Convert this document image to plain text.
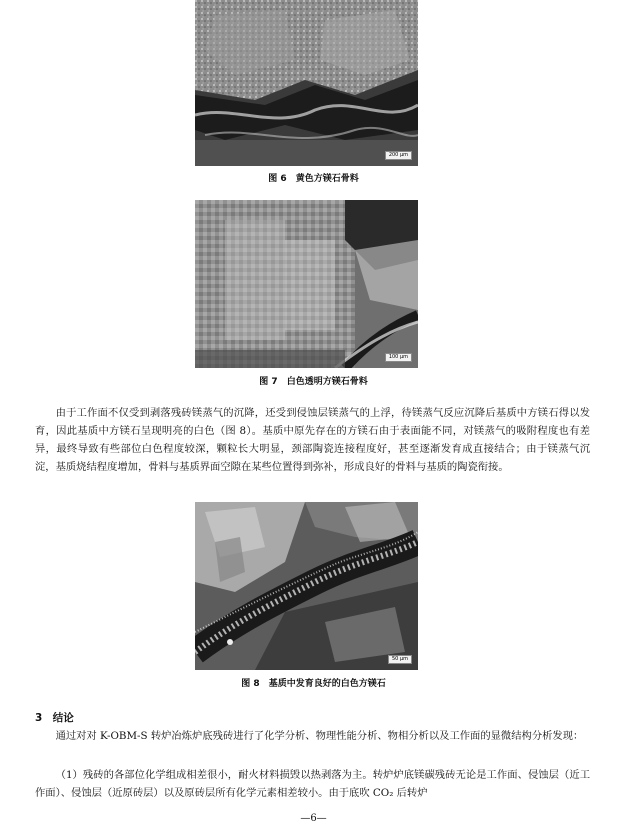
200 μm
图 6　黄色方镁石骨料
100 μm
图 7　白色透明方镁石骨料

由于工作面不仅受到剥落残砖镁蒸气的沉降，还受到侵蚀层镁蒸气的上浮，待镁蒸气反应沉降后基质中方镁石得以发育，因此基质中方镁石呈现明亮的白色（图 8）。基质中原先存在的方镁石由于表面能不同，对镁蒸气的吸附程度也有差异，最终导致有些部位白色程度较深，颗粒长大明显，颈部陶瓷连接程度好，甚至逐渐发育成直接结合；由于镁蒸气沉淀，基质烧结程度增加，骨料与基质界面空隙在某些位置得到弥补，形成良好的骨料与基质的陶瓷衔接。

50 μm
图 8　基质中发育良好的白色方镁石

3　结论

通过对对 K-OBM-S 转炉冶炼炉底残砖进行了化学分析、物理性能分析、物相分析以及工作面的显微结构分析发现：

（1）残砖的各部位化学组成相差很小，耐火材料损毁以热剥落为主。转炉炉底镁碳残砖无论是工作面、侵蚀层（近工作面）、侵蚀层（近原砖层）以及原砖层所有化学元素相差较小。由于底吹 CO₂ 后转炉

—6—
